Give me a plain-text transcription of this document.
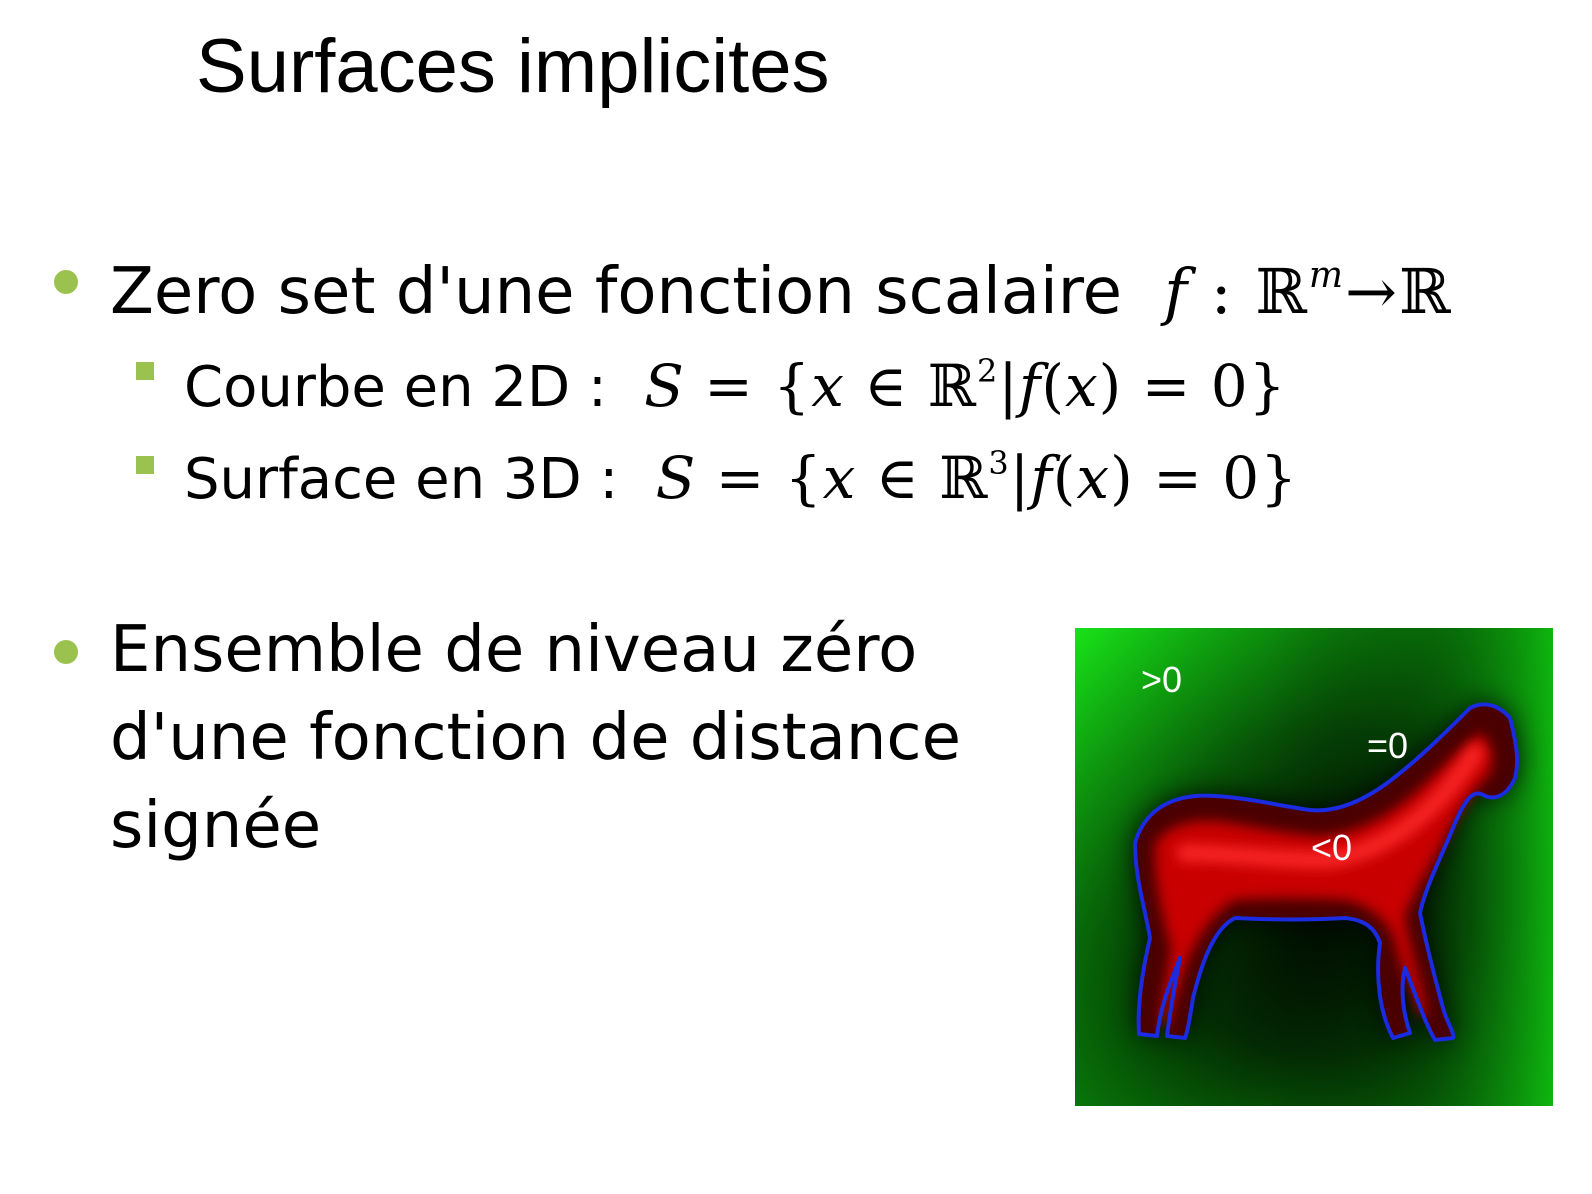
Surfaces implicites
Zero set d'une fonction scalaire f : ℝ$^m$→ℝ
Courbe en 2D : S = {x ∈ ℝ$^2$|f(x) = 0}
Surface en 3D : S = {x ∈ ℝ$^3$|f(x) = 0}
Ensemble de niveau zéro
d'une fonction de distance
signée
>0
=0
<0
